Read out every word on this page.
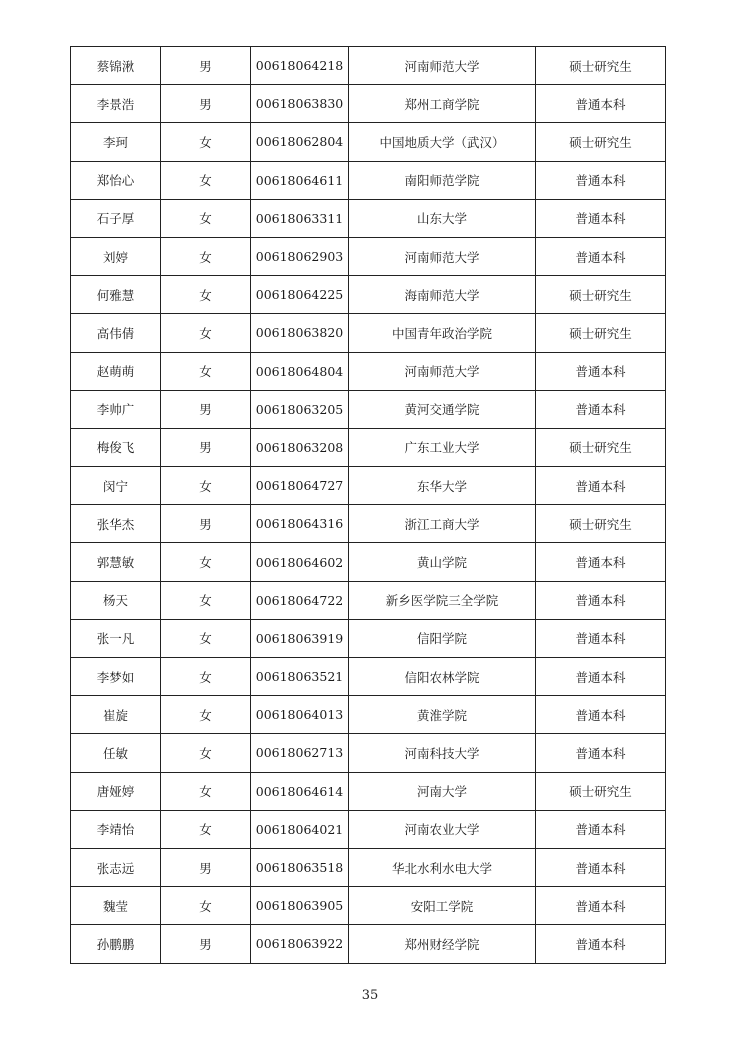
蔡锦湫	男	00618064218	河南师范大学	硕士研究生
李景浩	男	00618063830	郑州工商学院	普通本科
李珂	女	00618062804	中国地质大学（武汉）	硕士研究生
郑怡心	女	00618064611	南阳师范学院	普通本科
石子厚	女	00618063311	山东大学	普通本科
刘婷	女	00618062903	河南师范大学	普通本科
何雅慧	女	00618064225	海南师范大学	硕士研究生
高伟倩	女	00618063820	中国青年政治学院	硕士研究生
赵萌萌	女	00618064804	河南师范大学	普通本科
李帅广	男	00618063205	黄河交通学院	普通本科
梅俊飞	男	00618063208	广东工业大学	硕士研究生
闵宁	女	00618064727	东华大学	普通本科
张华杰	男	00618064316	浙江工商大学	硕士研究生
郭慧敏	女	00618064602	黄山学院	普通本科
杨天	女	00618064722	新乡医学院三全学院	普通本科
张一凡	女	00618063919	信阳学院	普通本科
李梦如	女	00618063521	信阳农林学院	普通本科
崔旋	女	00618064013	黄淮学院	普通本科
任敏	女	00618062713	河南科技大学	普通本科
唐娅婷	女	00618064614	河南大学	硕士研究生
李靖怡	女	00618064021	河南农业大学	普通本科
张志远	男	00618063518	华北水利水电大学	普通本科
魏莹	女	00618063905	安阳工学院	普通本科
孙鹏鹏	男	00618063922	郑州财经学院	普通本科
35
